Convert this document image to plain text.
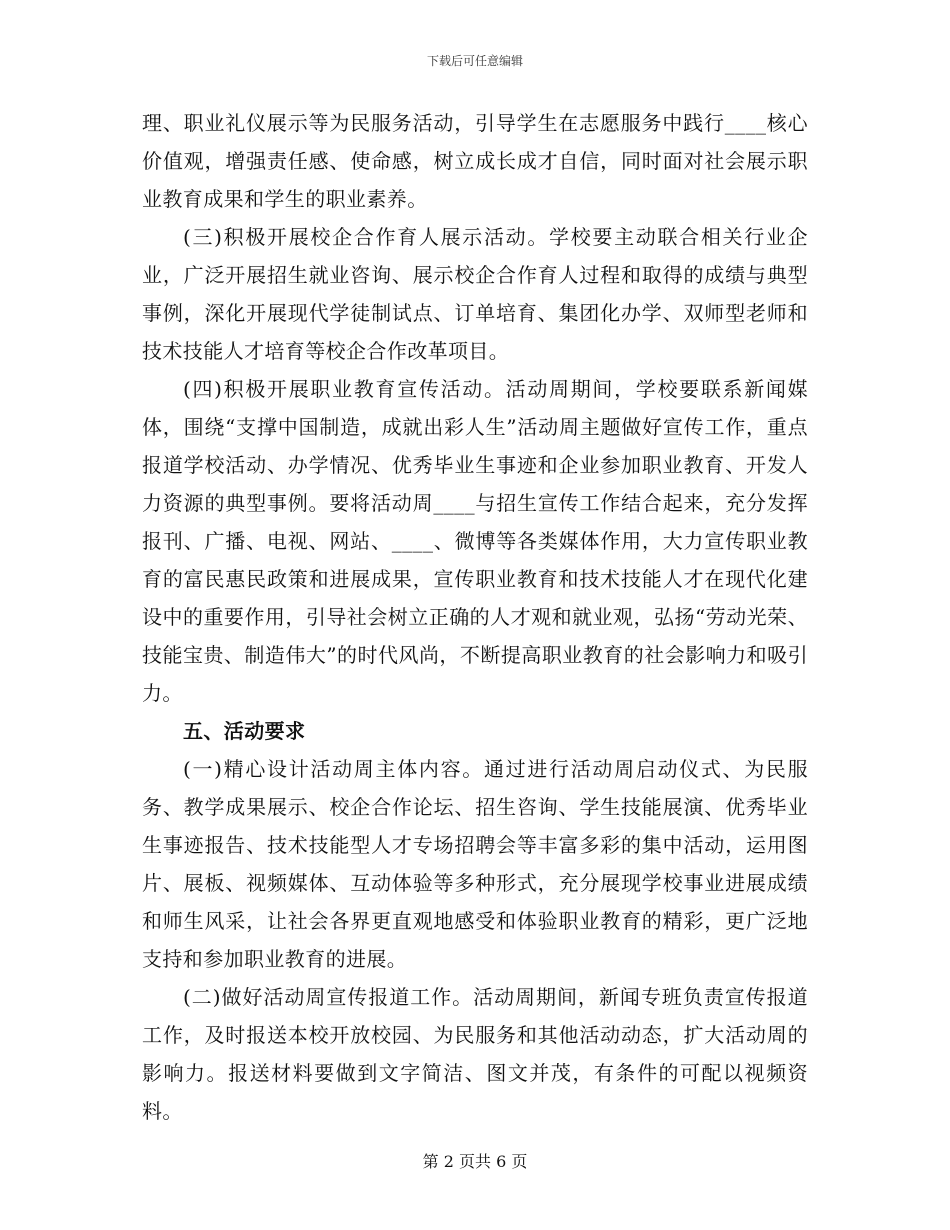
下载后可任意编辑

理、职业礼仪展示等为民服务活动，引导学生在志愿服务中践行____核心价值观，增强责任感、使命感，树立成长成才自信，同时面对社会展示职业教育成果和学生的职业素养。

(三)积极开展校企合作育人展示活动。学校要主动联合相关行业企业，广泛开展招生就业咨询、展示校企合作育人过程和取得的成绩与典型事例，深化开展现代学徒制试点、订单培育、集团化办学、双师型老师和技术技能人才培育等校企合作改革项目。

(四)积极开展职业教育宣传活动。活动周期间，学校要联系新闻媒体，围绕“支撑中国制造，成就出彩人生”活动周主题做好宣传工作，重点报道学校活动、办学情况、优秀毕业生事迹和企业参加职业教育、开发人力资源的典型事例。要将活动周____与招生宣传工作结合起来，充分发挥报刊、广播、电视、网站、____、微博等各类媒体作用，大力宣传职业教育的富民惠民政策和进展成果，宣传职业教育和技术技能人才在现代化建设中的重要作用，引导社会树立正确的人才观和就业观，弘扬“劳动光荣、技能宝贵、制造伟大”的时代风尚，不断提高职业教育的社会影响力和吸引力。

五、活动要求

(一)精心设计活动周主体内容。通过进行活动周启动仪式、为民服务、教学成果展示、校企合作论坛、招生咨询、学生技能展演、优秀毕业生事迹报告、技术技能型人才专场招聘会等丰富多彩的集中活动，运用图片、展板、视频媒体、互动体验等多种形式，充分展现学校事业进展成绩和师生风采，让社会各界更直观地感受和体验职业教育的精彩，更广泛地支持和参加职业教育的进展。

(二)做好活动周宣传报道工作。活动周期间，新闻专班负责宣传报道工作，及时报送本校开放校园、为民服务和其他活动动态，扩大活动周的影响力。报送材料要做到文字简洁、图文并茂，有条件的可配以视频资料。

第 2 页共 6 页
